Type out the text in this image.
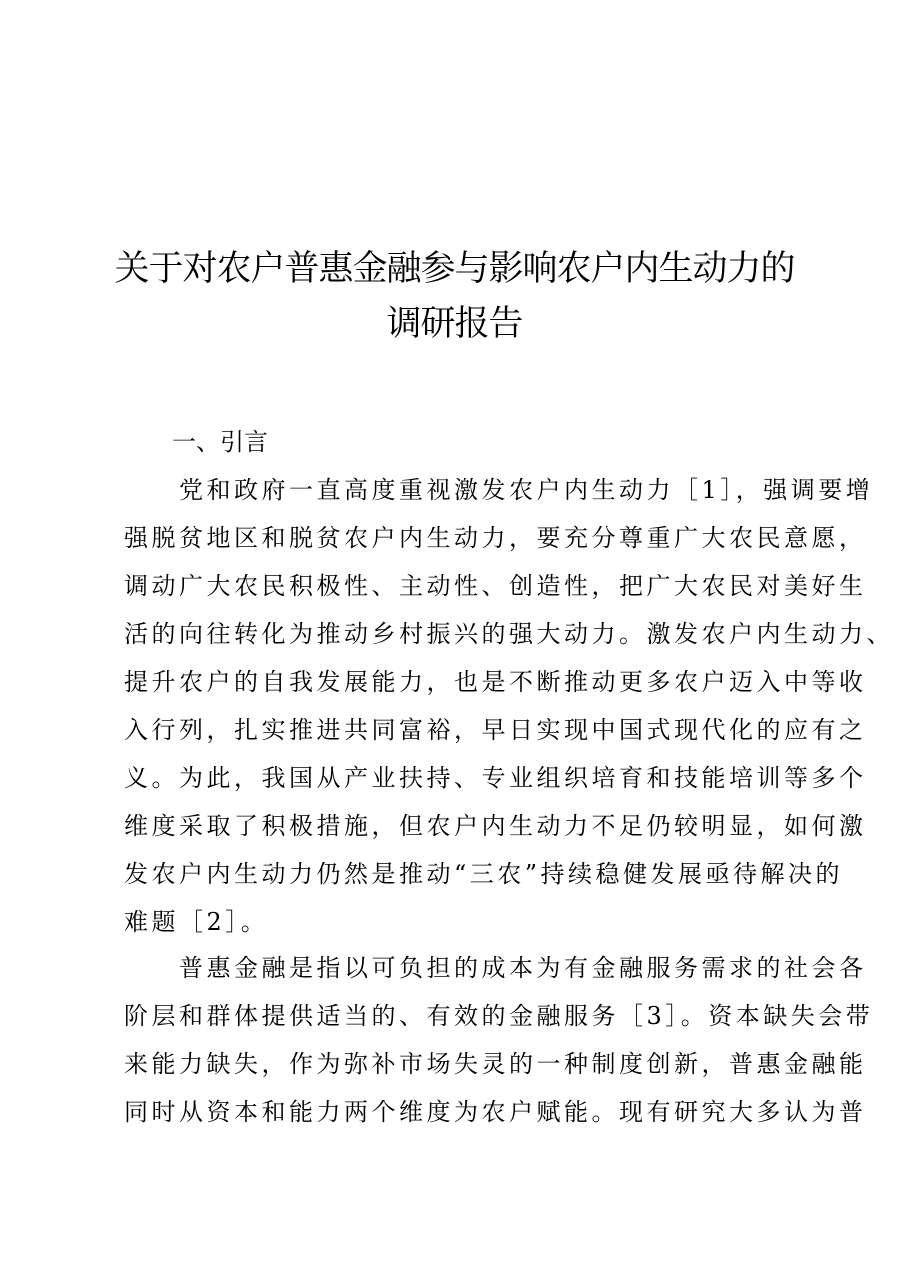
关于对农户普惠金融参与影响农户内生动力的
调研报告
一、引言
　　党和政府一直高度重视激发农户内生动力［1］，强调要增
强脱贫地区和脱贫农户内生动力，要充分尊重广大农民意愿，
调动广大农民积极性、主动性、创造性，把广大农民对美好生
活的向往转化为推动乡村振兴的强大动力。激发农户内生动力、
提升农户的自我发展能力，也是不断推动更多农户迈入中等收
入行列，扎实推进共同富裕，早日实现中国式现代化的应有之
义。为此，我国从产业扶持、专业组织培育和技能培训等多个
维度采取了积极措施，但农户内生动力不足仍较明显，如何激
发农户内生动力仍然是推动“三农”持续稳健发展亟待解决的
难题［2］。
　　普惠金融是指以可负担的成本为有金融服务需求的社会各
阶层和群体提供适当的、有效的金融服务［3］。资本缺失会带
来能力缺失，作为弥补市场失灵的一种制度创新，普惠金融能
同时从资本和能力两个维度为农户赋能。现有研究大多认为普
